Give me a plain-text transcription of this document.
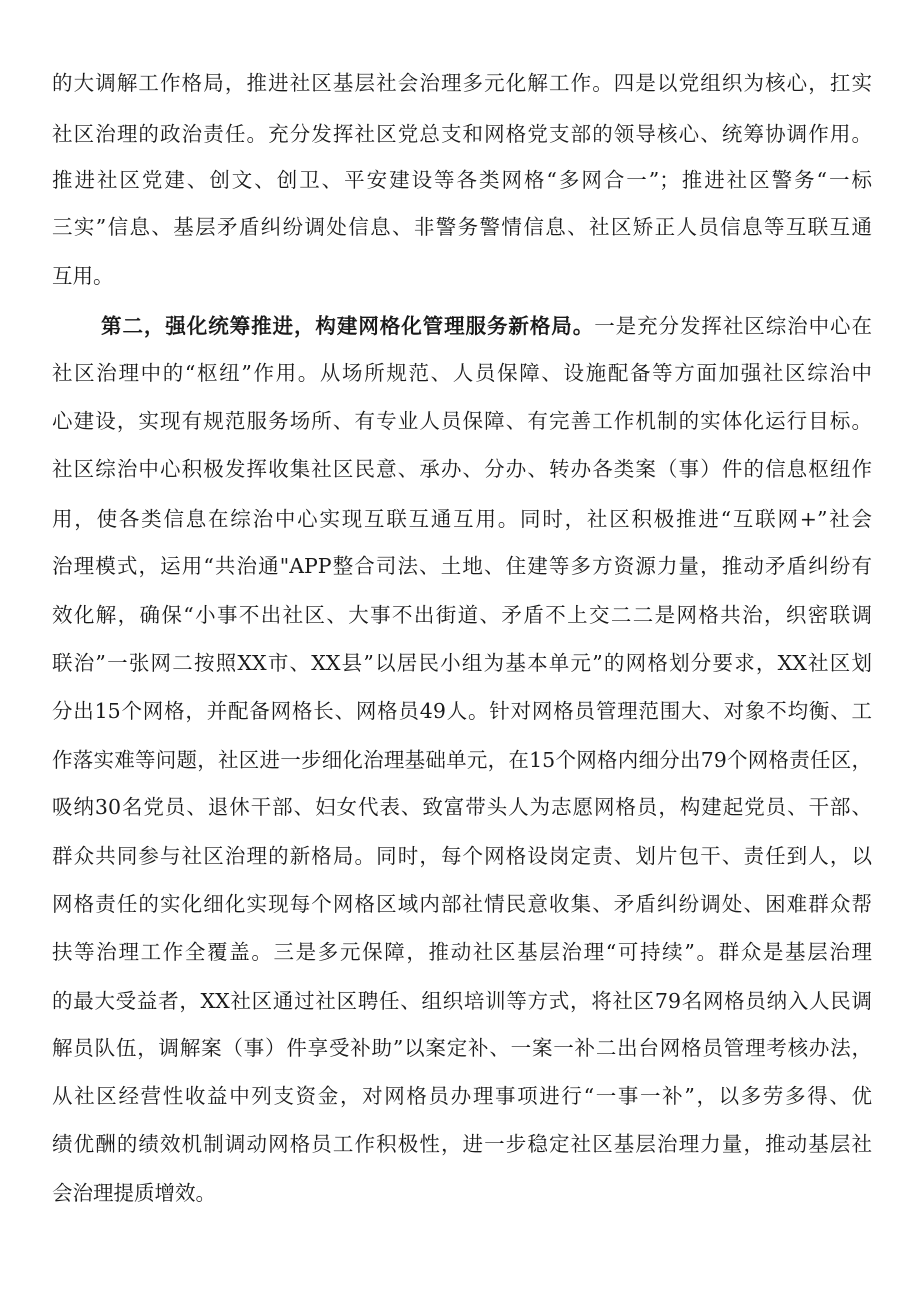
的大调解工作格局，推进社区基层社会治理多元化解工作。四是以党组织为核心，扛实
社区治理的政治责任。充分发挥社区党总支和网格党支部的领导核心、统筹协调作用。
推进社区党建、创文、创卫、平安建设等各类网格“多网合一”；推进社区警务“一标
三实”信息、基层矛盾纠纷调处信息、非警务警情信息、社区矫正人员信息等互联互通
互用。
第二，强化统筹推进，构建网格化管理服务新格局。一是充分发挥社区综治中心在
社区治理中的“枢纽”作用。从场所规范、人员保障、设施配备等方面加强社区综治中
心建设，实现有规范服务场所、有专业人员保障、有完善工作机制的实体化运行目标。
社区综治中心积极发挥收集社区民意、承办、分办、转办各类案（事）件的信息枢纽作
用，使各类信息在综治中心实现互联互通互用。同时，社区积极推进“互联网+”社会
治理模式，运用“共治通"APP整合司法、土地、住建等多方资源力量，推动矛盾纠纷有
效化解，确保“小事不出社区、大事不出街道、矛盾不上交二二是网格共治，织密联调
联治”一张网二按照XX市、XX县”以居民小组为基本单元”的网格划分要求，XX社区划
分出15个网格，并配备网格长、网格员49人。针对网格员管理范围大、对象不均衡、工
作落实难等问题，社区进一步细化治理基础单元，在15个网格内细分出79个网格责任区，
吸纳30名党员、退休干部、妇女代表、致富带头人为志愿网格员，构建起党员、干部、
群众共同参与社区治理的新格局。同时，每个网格设岗定责、划片包干、责任到人，以
网格责任的实化细化实现每个网格区域内部社情民意收集、矛盾纠纷调处、困难群众帮
扶等治理工作全覆盖。三是多元保障，推动社区基层治理“可持续”。群众是基层治理
的最大受益者，XX社区通过社区聘任、组织培训等方式，将社区79名网格员纳入人民调
解员队伍，调解案（事）件享受补助”以案定补、一案一补二出台网格员管理考核办法，
从社区经营性收益中列支资金，对网格员办理事项进行“一事一补”，以多劳多得、优
绩优酬的绩效机制调动网格员工作积极性，进一步稳定社区基层治理力量，推动基层社
会治理提质增效。
